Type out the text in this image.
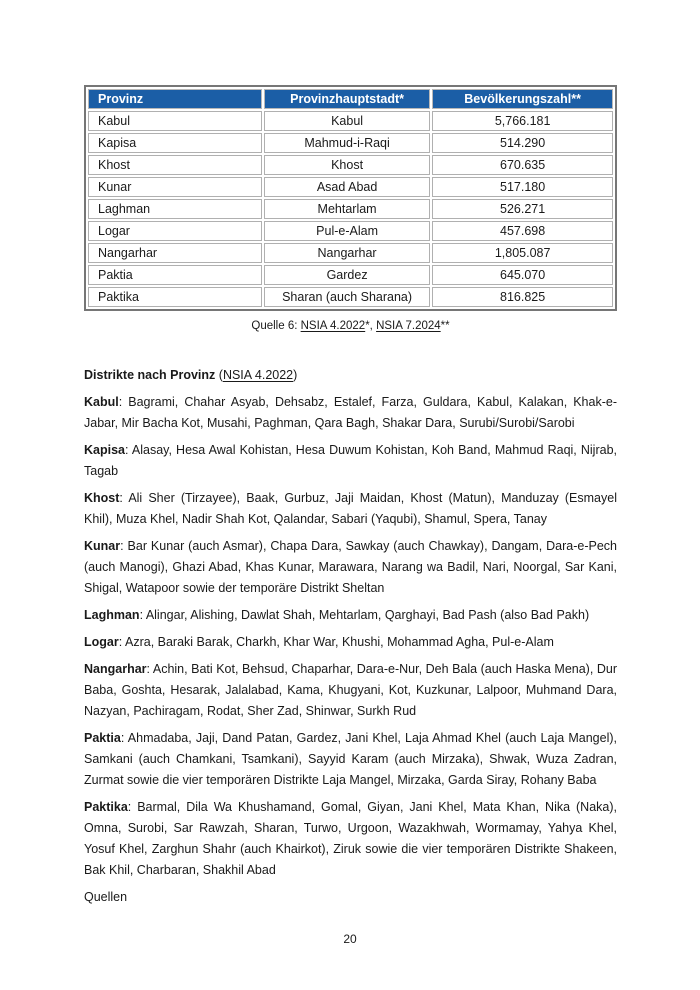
Provinz	Provinzhauptstadt*	Bevölkerungszahl**
Kabul	Kabul	5,766.181
Kapisa	Mahmud-i-Raqi	514.290
Khost	Khost	670.635
Kunar	Asad Abad	517.180
Laghman	Mehtarlam	526.271
Logar	Pul-e-Alam	457.698
Nangarhar	Nangarhar	1,805.087
Paktia	Gardez	645.070
Paktika	Sharan (auch Sharana)	816.825
Quelle 6: NSIA 4.2022*, NSIA 7.2024**

Distrikte nach Provinz (NSIA 4.2022)

Kabul: Bagrami, Chahar Asyab, Dehsabz, Estalef, Farza, Guldara, Kabul, Kalakan, Khak-e-Jabar, Mir Bacha Kot, Musahi, Paghman, Qara Bagh, Shakar Dara, Surubi/Surobi/Sarobi

Kapisa: Alasay, Hesa Awal Kohistan, Hesa Duwum Kohistan, Koh Band, Mahmud Raqi, Nijrab, Tagab

Khost: Ali Sher (Tirzayee), Baak, Gurbuz, Jaji Maidan, Khost (Matun), Manduzay (Esmayel Khil), Muza Khel, Nadir Shah Kot, Qalandar, Sabari (Yaqubi), Shamul, Spera, Tanay

Kunar: Bar Kunar (auch Asmar), Chapa Dara, Sawkay (auch Chawkay), Dangam, Dara-e-Pech (auch Manogi), Ghazi Abad, Khas Kunar, Marawara, Narang wa Badil, Nari, Noorgal, Sar Kani, Shigal, Watapoor sowie der temporäre Distrikt Sheltan

Laghman: Alingar, Alishing, Dawlat Shah, Mehtarlam, Qarghayi, Bad Pash (also Bad Pakh)

Logar: Azra, Baraki Barak, Charkh, Khar War, Khushi, Mohammad Agha, Pul-e-Alam

Nangarhar: Achin, Bati Kot, Behsud, Chaparhar, Dara-e-Nur, Deh Bala (auch Haska Mena), Dur Baba, Goshta, Hesarak, Jalalabad, Kama, Khugyani, Kot, Kuzkunar, Lalpoor, Muhmand Dara, Nazyan, Pachiragam, Rodat, Sher Zad, Shinwar, Surkh Rud

Paktia: Ahmadaba, Jaji, Dand Patan, Gardez, Jani Khel, Laja Ahmad Khel (auch Laja Mangel), Samkani (auch Chamkani, Tsamkani), Sayyid Karam (auch Mirzaka), Shwak, Wuza Zadran, Zurmat sowie die vier temporären Distrikte Laja Mangel, Mirzaka, Garda Siray, Rohany Baba

Paktika: Barmal, Dila Wa Khushamand, Gomal, Giyan, Jani Khel, Mata Khan, Nika (Naka), Omna, Surobi, Sar Rawzah, Sharan, Turwo, Urgoon, Wazakhwah, Wormamay, Yahya Khel, Yosuf Khel, Zarghun Shahr (auch Khairkot), Ziruk sowie die vier temporären Distrikte Shakeen, Bak Khil, Charbaran, Shakhil Abad

Quellen

20
